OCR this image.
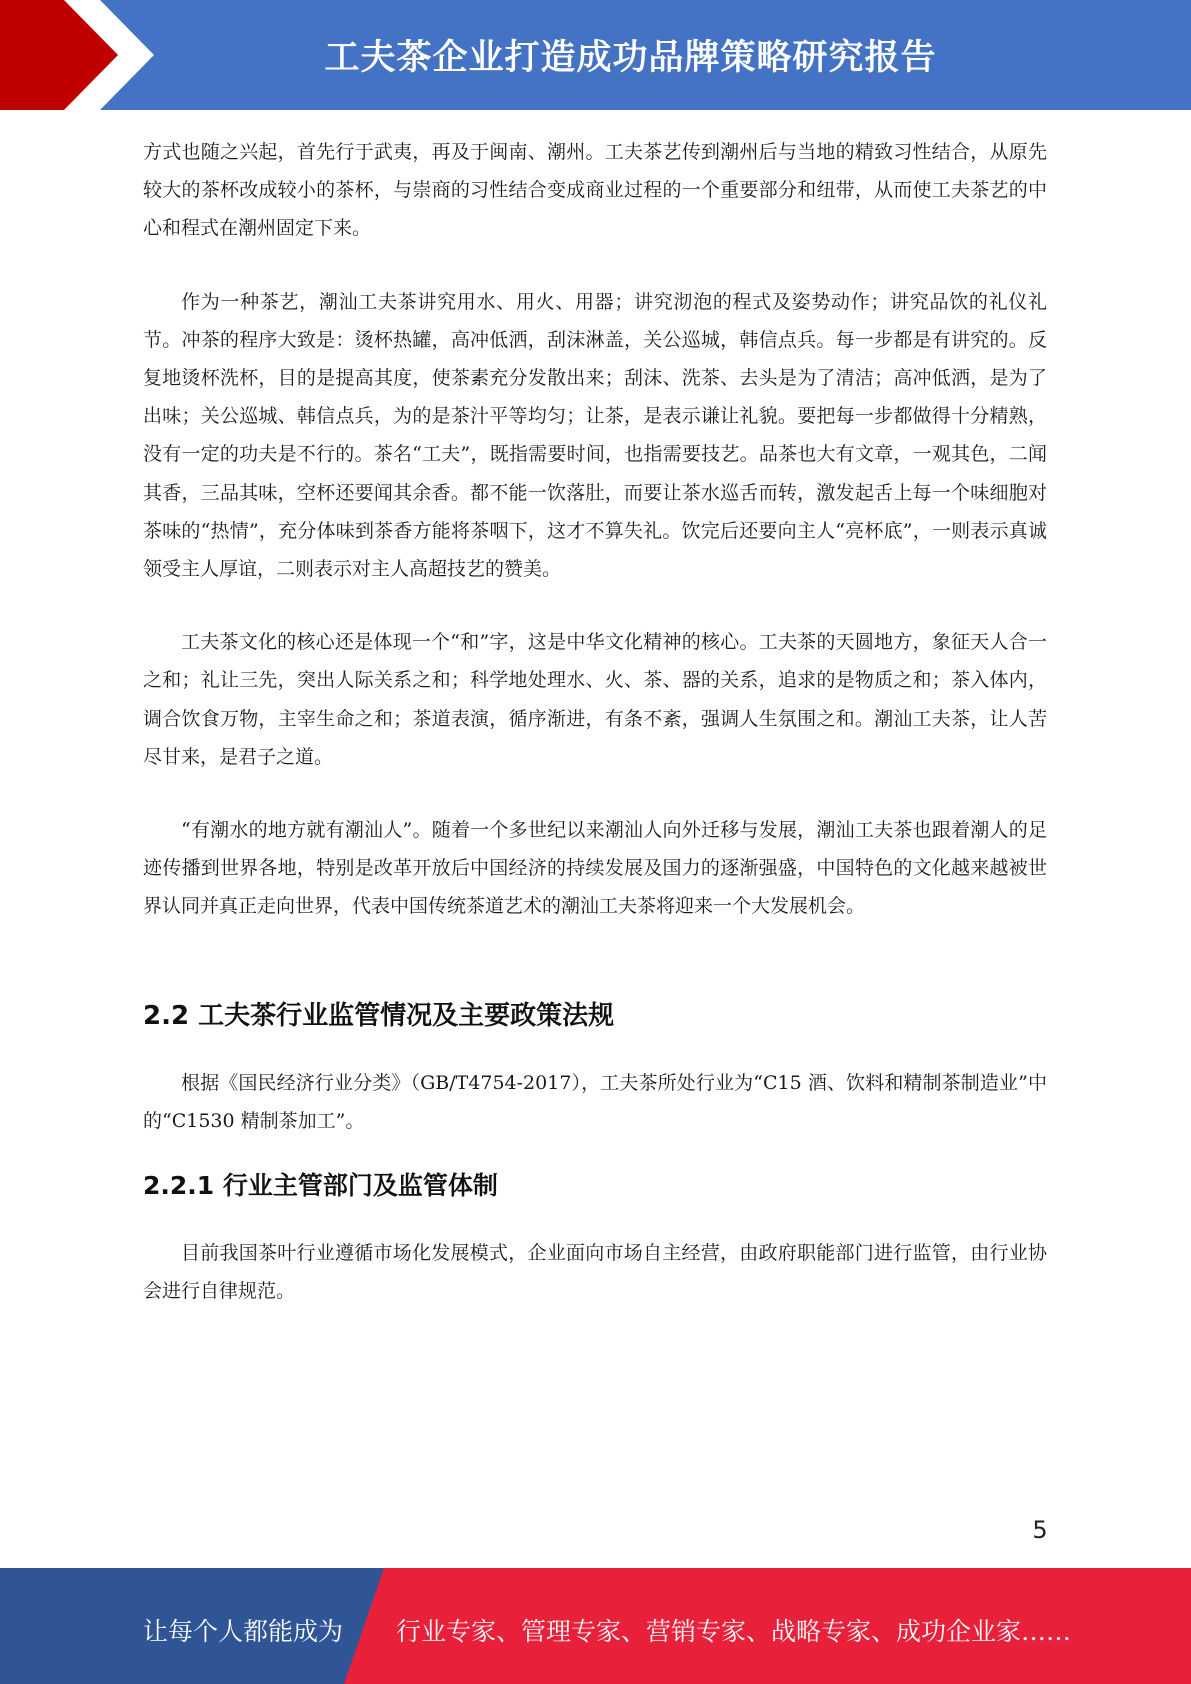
工夫茶企业打造成功品牌策略研究报告

方式也随之兴起，首先行于武夷，再及于闽南、潮州。工夫茶艺传到潮州后与当地的精致习性结合，从原先较大的茶杯改成较小的茶杯，与崇商的习性结合变成商业过程的一个重要部分和纽带，从而使工夫茶艺的中心和程式在潮州固定下来。

作为一种茶艺，潮汕工夫茶讲究用水、用火、用器；讲究沏泡的程式及姿势动作；讲究品饮的礼仪礼节。冲茶的程序大致是：烫杯热罐，高冲低洒，刮沫淋盖，关公巡城，韩信点兵。每一步都是有讲究的。反复地烫杯洗杯，目的是提高其度，使茶素充分发散出来；刮沫、洗茶、去头是为了清洁；高冲低洒，是为了出味；关公巡城、韩信点兵，为的是茶汁平等均匀；让茶，是表示谦让礼貌。要把每一步都做得十分精熟，没有一定的功夫是不行的。茶名“工夫”，既指需要时间，也指需要技艺。品茶也大有文章，一观其色，二闻其香，三品其味，空杯还要闻其余香。都不能一饮落肚，而要让茶水巡舌而转，激发起舌上每一个味细胞对茶味的“热情”，充分体味到茶香方能将茶咽下，这才不算失礼。饮完后还要向主人“亮杯底”，一则表示真诚领受主人厚谊，二则表示对主人高超技艺的赞美。

工夫茶文化的核心还是体现一个“和”字，这是中华文化精神的核心。工夫茶的天圆地方，象征天人合一之和；礼让三先，突出人际关系之和；科学地处理水、火、茶、器的关系，追求的是物质之和；茶入体内，调合饮食万物，主宰生命之和；茶道表演，循序渐进，有条不紊，强调人生氛围之和。潮汕工夫茶，让人苦尽甘来，是君子之道。

“有潮水的地方就有潮汕人”。随着一个多世纪以来潮汕人向外迁移与发展，潮汕工夫茶也跟着潮人的足迹传播到世界各地，特别是改革开放后中国经济的持续发展及国力的逐渐强盛，中国特色的文化越来越被世界认同并真正走向世界，代表中国传统茶道艺术的潮汕工夫茶将迎来一个大发展机会。

2.2 工夫茶行业监管情况及主要政策法规

根据《国民经济行业分类》（GB/T4754-2017），工夫茶所处行业为“C15 酒、饮料和精制茶制造业”中的“C1530 精制茶加工”。

2.2.1 行业主管部门及监管体制

目前我国茶叶行业遵循市场化发展模式，企业面向市场自主经营，由政府职能部门进行监管，由行业协会进行自律规范。

5
让每个人都能成为 行业专家、管理专家、营销专家、战略专家、成功企业家……
